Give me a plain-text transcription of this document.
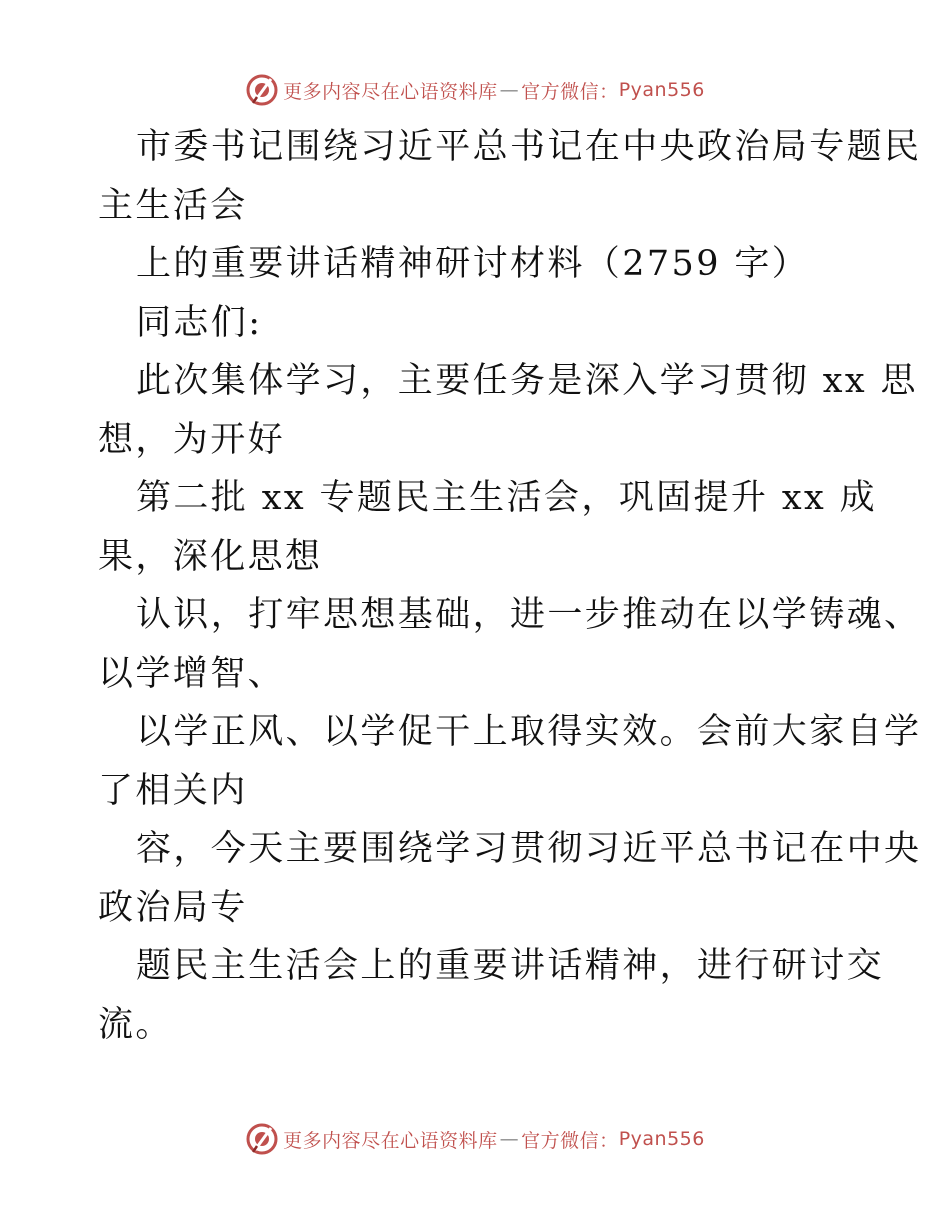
更多内容尽在心语资料库 — 官方微信： Pyan556
市委书记围绕习近平总书记在中央政治局专题民
主生活会
上的重要讲话精神研讨材料（2759 字）
同志们:
此次集体学习，主要任务是深入学习贯彻 xx 思
想，为开好
第二批 xx 专题民主生活会，巩固提升 xx 成
果，深化思想
认识，打牢思想基础，进一步推动在以学铸魂、
以学增智、
以学正风、以学促干上取得实效。会前大家自学
了相关内
容，今天主要围绕学习贯彻习近平总书记在中央
政治局专
题民主生活会上的重要讲话精神，进行研讨交
流。
更多内容尽在心语资料库 — 官方微信： Pyan556
